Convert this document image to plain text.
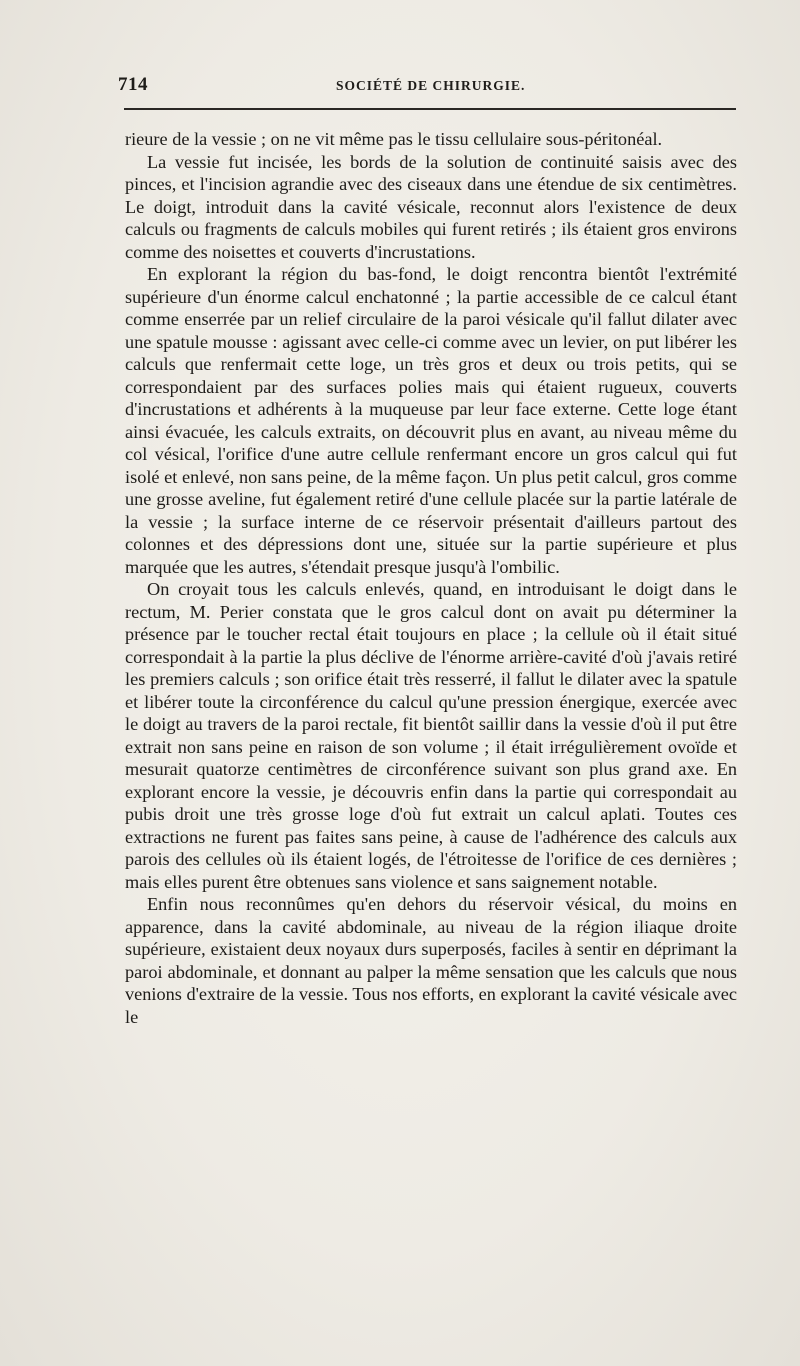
714	SOCIÉTÉ DE CHIRURGIE.

rieure de la vessie ; on ne vit même pas le tissu cellulaire sous-péritonéal.

La vessie fut incisée, les bords de la solution de continuité saisis avec des pinces, et l'incision agrandie avec des ciseaux dans une étendue de six centimètres. Le doigt, introduit dans la cavité vésicale, reconnut alors l'existence de deux calculs ou fragments de calculs mobiles qui furent retirés ; ils étaient gros environs comme des noisettes et couverts d'incrustations.

En explorant la région du bas-fond, le doigt rencontra bientôt l'extrémité supérieure d'un énorme calcul enchatonné ; la partie accessible de ce calcul étant comme enserrée par un relief circulaire de la paroi vésicale qu'il fallut dilater avec une spatule mousse : agissant avec celle-ci comme avec un levier, on put libérer les calculs que renfermait cette loge, un très gros et deux ou trois petits, qui se correspondaient par des surfaces polies mais qui étaient rugueux, couverts d'incrustations et adhérents à la muqueuse par leur face externe. Cette loge étant ainsi évacuée, les calculs extraits, on découvrit plus en avant, au niveau même du col vésical, l'orifice d'une autre cellule renfermant encore un gros calcul qui fut isolé et enlevé, non sans peine, de la même façon. Un plus petit calcul, gros comme une grosse aveline, fut également retiré d'une cellule placée sur la partie latérale de la vessie ; la surface interne de ce réservoir présentait d'ailleurs partout des colonnes et des dépressions dont une, située sur la partie supérieure et plus marquée que les autres, s'étendait presque jusqu'à l'ombilic.

On croyait tous les calculs enlevés, quand, en introduisant le doigt dans le rectum, M. Perier constata que le gros calcul dont on avait pu déterminer la présence par le toucher rectal était toujours en place ; la cellule où il était situé correspondait à la partie la plus déclive de l'énorme arrière-cavité d'où j'avais retiré les premiers calculs ; son orifice était très resserré, il fallut le dilater avec la spatule et libérer toute la circonférence du calcul qu'une pression énergique, exercée avec le doigt au travers de la paroi rectale, fit bientôt saillir dans la vessie d'où il put être extrait non sans peine en raison de son volume ; il était irrégulièrement ovoïde et mesurait quatorze centimètres de circonférence suivant son plus grand axe. En explorant encore la vessie, je découvris enfin dans la partie qui correspondait au pubis droit une très grosse loge d'où fut extrait un calcul aplati. Toutes ces extractions ne furent pas faites sans peine, à cause de l'adhérence des calculs aux parois des cellules où ils étaient logés, de l'étroitesse de l'orifice de ces dernières ; mais elles purent être obtenues sans violence et sans saignement notable.

Enfin nous reconnûmes qu'en dehors du réservoir vésical, du moins en apparence, dans la cavité abdominale, au niveau de la région iliaque droite supérieure, existaient deux noyaux durs superposés, faciles à sentir en déprimant la paroi abdominale, et donnant au palper la même sensation que les calculs que nous venions d'extraire de la vessie. Tous nos efforts, en explorant la cavité vésicale avec le
